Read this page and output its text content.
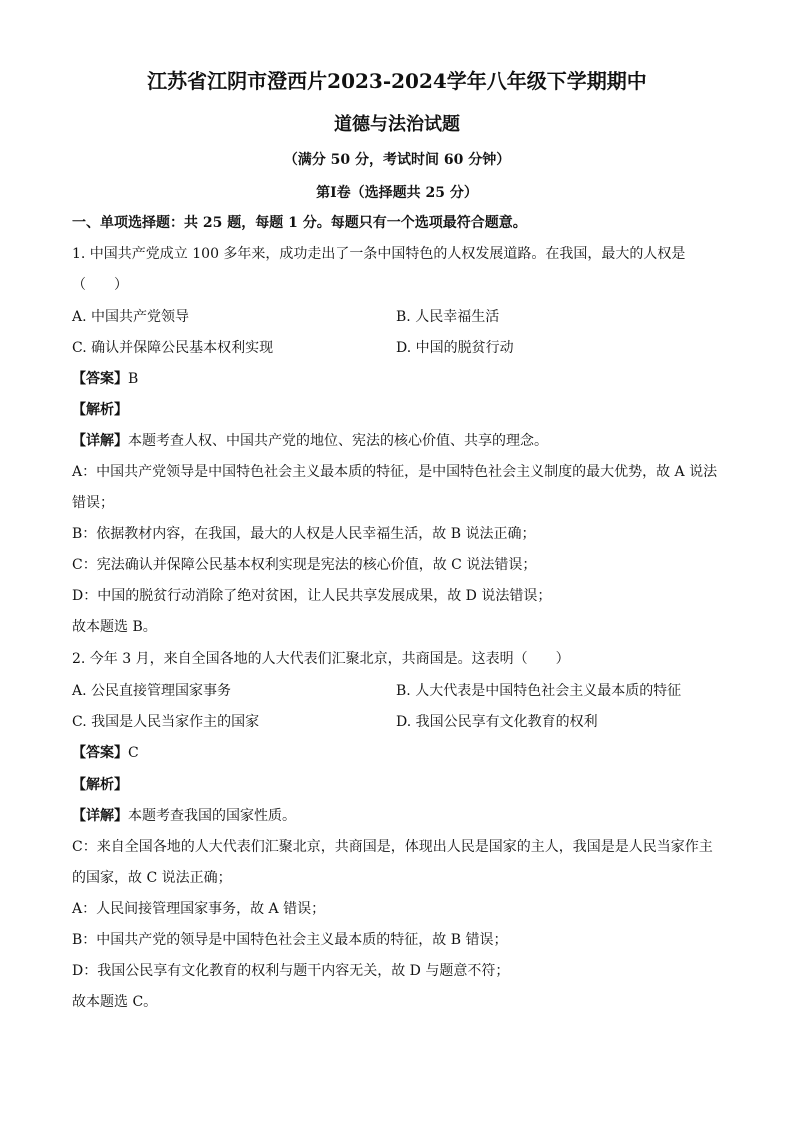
江苏省江阴市澄西片2023-2024学年八年级下学期期中
道德与法治试题
（满分 50 分，考试时间 60 分钟）
第Ⅰ卷（选择题共 25 分）
一、单项选择题：共 25 题，每题 1 分。每题只有一个选项最符合题意。
1. 中国共产党成立 100 多年来，成功走出了一条中国特色的人权发展道路。在我国，最大的人权是
（　　）
A. 中国共产党领导	B. 人民幸福生活
C. 确认并保障公民基本权利实现	D. 中国的脱贫行动
【答案】B
【解析】
【详解】本题考查人权、中国共产党的地位、宪法的核心价值、共享的理念。
A：中国共产党领导是中国特色社会主义最本质的特征，是中国特色社会主义制度的最大优势，故 A 说法
错误；
B：依据教材内容，在我国，最大的人权是人民幸福生活，故 B 说法正确；
C：宪法确认并保障公民基本权利实现是宪法的核心价值，故 C 说法错误；
D：中国的脱贫行动消除了绝对贫困，让人民共享发展成果，故 D 说法错误；
故本题选 B。
2. 今年 3 月，来自全国各地的人大代表们汇聚北京，共商国是。这表明（　　）
A. 公民直接管理国家事务	B. 人大代表是中国特色社会主义最本质的特征
C. 我国是人民当家作主的国家	D. 我国公民享有文化教育的权利
【答案】C
【解析】
【详解】本题考查我国的国家性质。
C：来自全国各地的人大代表们汇聚北京，共商国是，体现出人民是国家的主人，我国是是人民当家作主
的国家，故 C 说法正确；
A：人民间接管理国家事务，故 A 错误；
B：中国共产党的领导是中国特色社会主义最本质的特征，故 B 错误；
D：我国公民享有文化教育的权利与题干内容无关，故 D 与题意不符；
故本题选 C。
